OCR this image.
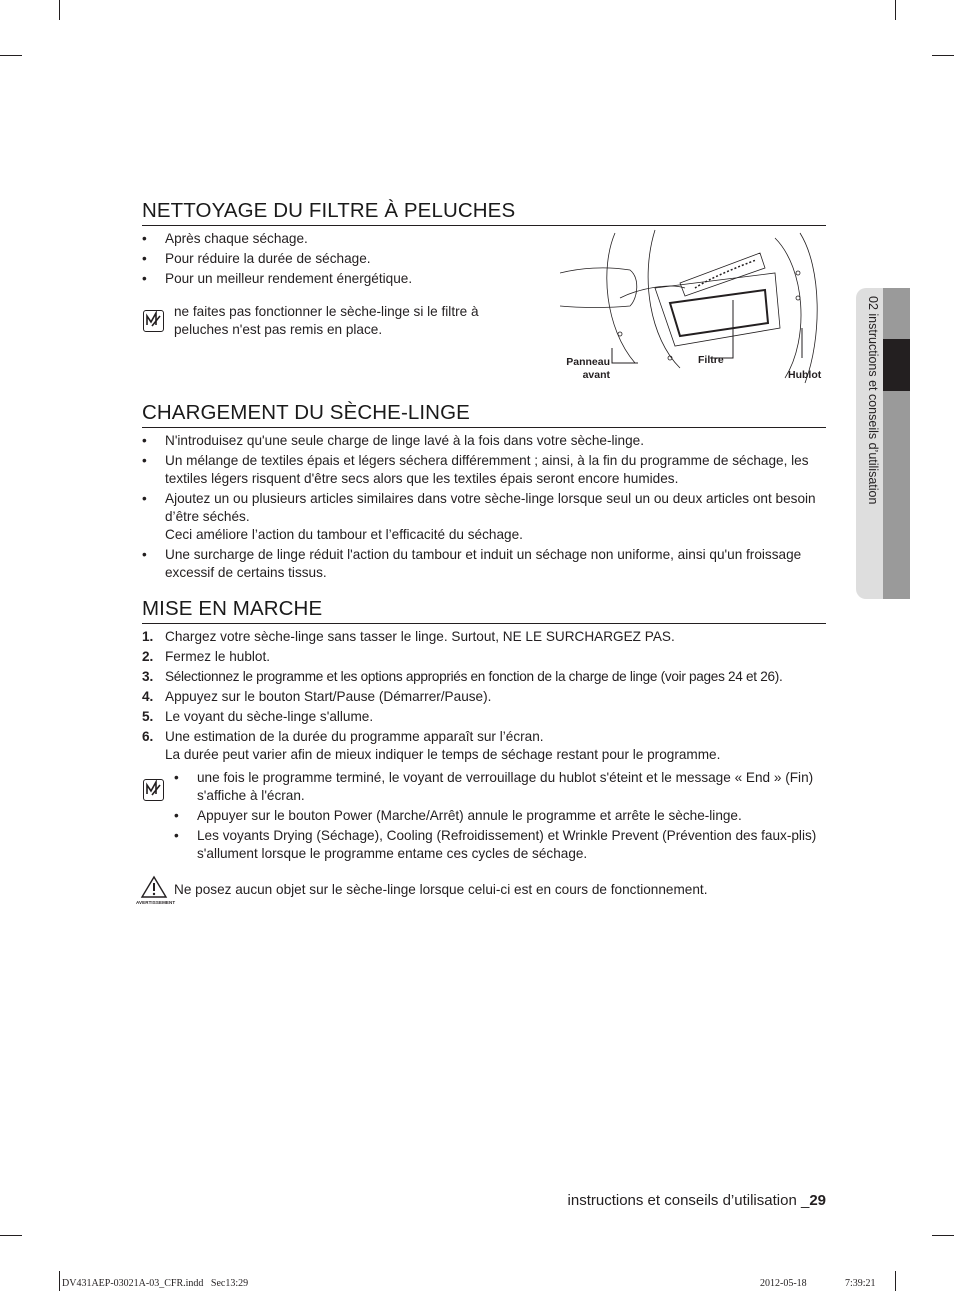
NETTOYAGE DU FILTRE À PELUCHES
• Après chaque séchage.
• Pour réduire la durée de séchage.
• Pour un meilleur rendement énergétique.
ne faites pas fonctionner le sèche-linge si le filtre à
peluches n'est pas remis en place.
Panneau
avant
Filtre
Hublot
CHARGEMENT DU SÈCHE-LINGE
• N'introduisez qu'une seule charge de linge lavé à la fois dans votre sèche-linge.
• Un mélange de textiles épais et légers séchera différemment ; ainsi, à la fin du programme de séchage, les textiles légers risquent d'être secs alors que les textiles épais seront encore humides.
• Ajoutez un ou plusieurs articles similaires dans votre sèche-linge lorsque seul un ou deux articles ont besoin d’être séchés.
Ceci améliore l’action du tambour et l’efficacité du séchage.
• Une surcharge de linge réduit l'action du tambour et induit un séchage non uniforme, ainsi qu'un froissage excessif de certains tissus.
MISE EN MARCHE
1. Chargez votre sèche-linge sans tasser le linge. Surtout, NE LE SURCHARGEZ PAS.
2. Fermez le hublot.
3. Sélectionnez le programme et les options appropriés en fonction de la charge de linge (voir pages 24 et 26).
4. Appuyez sur le bouton Start/Pause (Démarrer/Pause).
5. Le voyant du sèche-linge s'allume.
6. Une estimation de la durée du programme apparaît sur l’écran.
La durée peut varier afin de mieux indiquer le temps de séchage restant pour le programme.
• une fois le programme terminé, le voyant de verrouillage du hublot s'éteint et le message « End » (Fin) s'affiche à l'écran.
• Appuyer sur le bouton Power (Marche/Arrêt) annule le programme et arrête le sèche-linge.
• Les voyants Drying (Séchage), Cooling (Refroidissement) et Wrinkle Prevent (Prévention des faux-plis) s'allument lorsque le programme entame ces cycles de séchage.
AVERTISSEMENT
Ne posez aucun objet sur le sèche-linge lorsque celui-ci est en cours de fonctionnement.
02 instructions et conseils d’utilisation
instructions et conseils d’utilisation _29
DV431AEP-03021A-03_CFR.indd   Sec13:29	2012-05-18	7:39:21
